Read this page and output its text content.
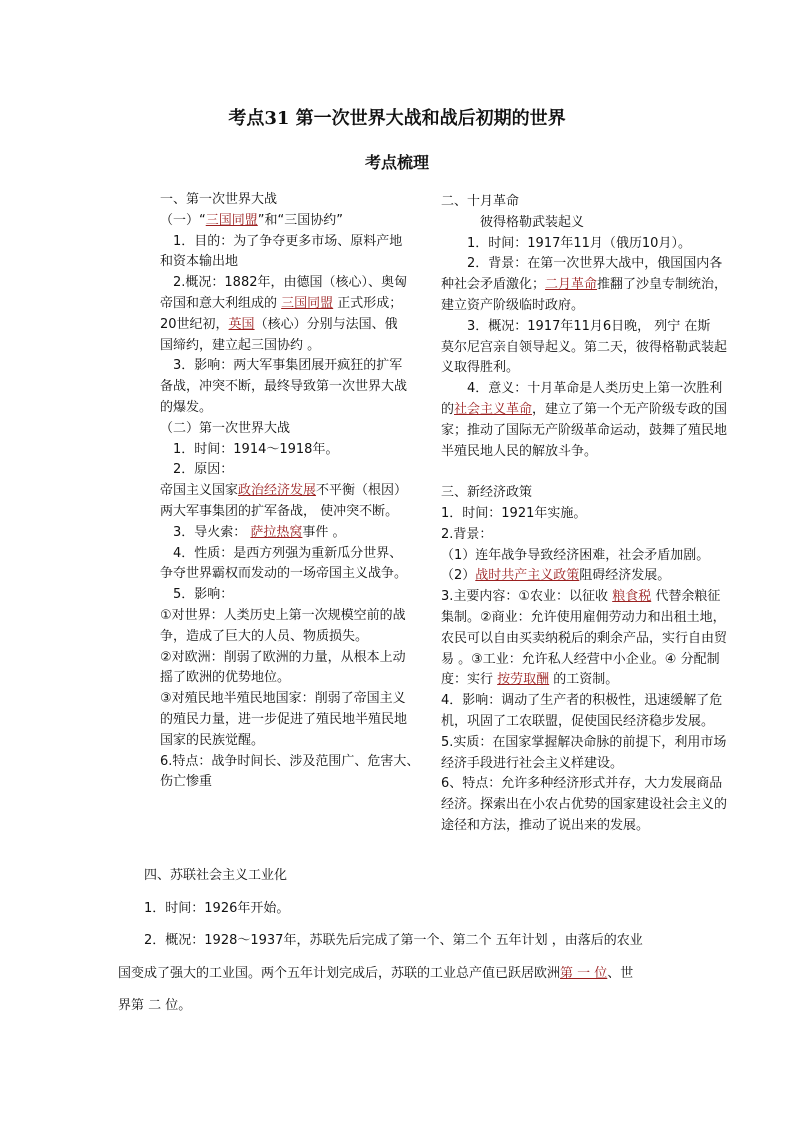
考点31 第一次世界大战和战后初期的世界
考点梳理
一、第一次世界大战
（一）“三国同盟”和“三国协约”
　1．目的：为了争夺更多市场、原料产地
和资本输出地
　2.概况：1882年，由德国（核心）、奥匈
帝国和意大利组成的 三国同盟 正式形成；
20世纪初，英国（核心）分别与法国、俄
国缔约，建立起三国协约 。
　3．影响：两大军事集团展开疯狂的扩军
备战，冲突不断，最终导致第一次世界大战
的爆发。
（二）第一次世界大战
　1．时间：1914～1918年。
　2．原因：
帝国主义国家政治经济发展不平衡（根因）
两大军事集团的扩军备战， 使冲突不断。
　3．导火索： 萨拉热窝事件 。
　4．性质：是西方列强为重新瓜分世界、
争夺世界霸权而发动的一场帝国主义战争。
　5．影响：
①对世界：人类历史上第一次规模空前的战
争，造成了巨大的人员、物质损失。
②对欧洲：削弱了欧洲的力量，从根本上动
摇了欧洲的优势地位。
③对殖民地半殖民地国家：削弱了帝国主义
的殖民力量，进一步促进了殖民地半殖民地
国家的民族觉醒。
6.特点：战争时间长、涉及范围广、危害大、
伤亡惨重
二、十月革命
　　　彼得格勒武装起义
　　1．时间：1917年11月（俄历10月）。
　　2．背景：在第一次世界大战中，俄国国内各
种社会矛盾激化；二月革命推翻了沙皇专制统治，
建立资产阶级临时政府。
　　3．概况：1917年11月6日晚， 列宁 在斯
莫尔尼宫亲自领导起义。第二天，彼得格勒武装起
义取得胜利。
　　4．意义：十月革命是人类历史上第一次胜利
的社会主义革命，建立了第一个无产阶级专政的国
家；推动了国际无产阶级革命运动，鼓舞了殖民地
半殖民地人民的解放斗争。

三、新经济政策
1．时间：1921年实施。
2.背景：
（1）连年战争导致经济困难，社会矛盾加剧。
（2）战时共产主义政策阻碍经济发展。
3.主要内容：①农业：以征收 粮食税 代替余粮征
集制。②商业：允许使用雇佣劳动力和出租土地，
农民可以自由买卖纳税后的剩余产品，实行自由贸
易 。③工业：允许私人经营中小企业。④ 分配制
度：实行 按劳取酬 的工资制。
4．影响：调动了生产者的积极性，迅速缓解了危
机，巩固了工农联盟，促使国民经济稳步发展。
5.实质：在国家掌握解决命脉的前提下，利用市场
经济手段进行社会主义样建设。
6、特点：允许多种经济形式并存，大力发展商品
经济。探索出在小农占优势的国家建设社会主义的
途径和方法，推动了说出来的发展。
　　四、苏联社会主义工业化
　　1．时间：1926年开始。
　　2．概况：1928～1937年，苏联先后完成了第一个、第二个 五年计划 ，由落后的农业
国变成了强大的工业国。两个五年计划完成后，苏联的工业总产值已跃居欧洲第 一 位、世
界第 二 位。
